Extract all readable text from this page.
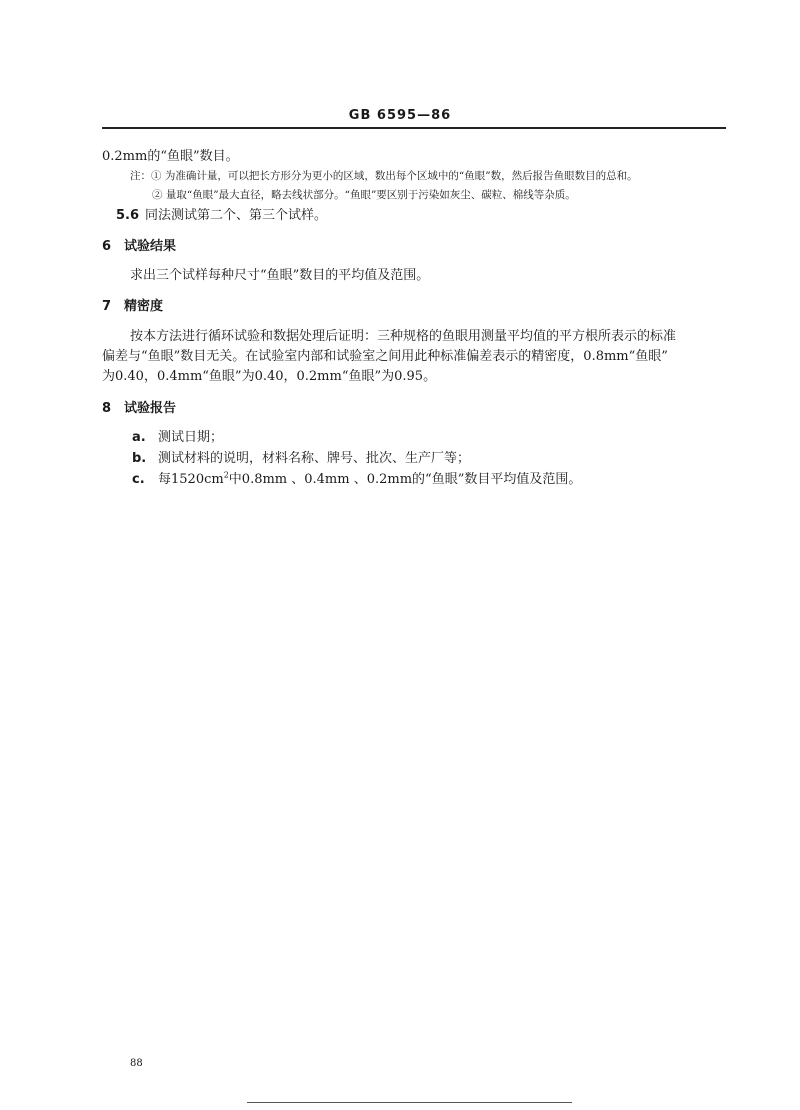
GB 6595—86
0.2mm的“鱼眼”数目。
注：① 为准确计量，可以把长方形分为更小的区域，数出每个区域中的“鱼眼”数，然后报告鱼眼数目的总和。
② 量取“鱼眼”最大直径，略去线状部分。“鱼眼”要区别于污染如灰尘、碳粒、棉线等杂质。
5.6 同法测试第二个、第三个试样。
6 试验结果
求出三个试样每种尺寸“鱼眼”数目的平均值及范围。
7 精密度
按本方法进行循环试验和数据处理后证明：三种规格的鱼眼用测量平均值的平方根所表示的标准
偏差与“鱼眼”数目无关。在试验室内部和试验室之间用此种标准偏差表示的精密度，0.8mm“鱼眼”
为0.40，0.4mm“鱼眼”为0.40，0.2mm“鱼眼”为0.95。
8 试验报告
a. 测试日期；
b. 测试材料的说明，材料名称、牌号、批次、生产厂等；
c. 每$1520cm^2$中0.8mm 、0.4mm 、0.2mm的“鱼眼”数目平均值及范围。
88
